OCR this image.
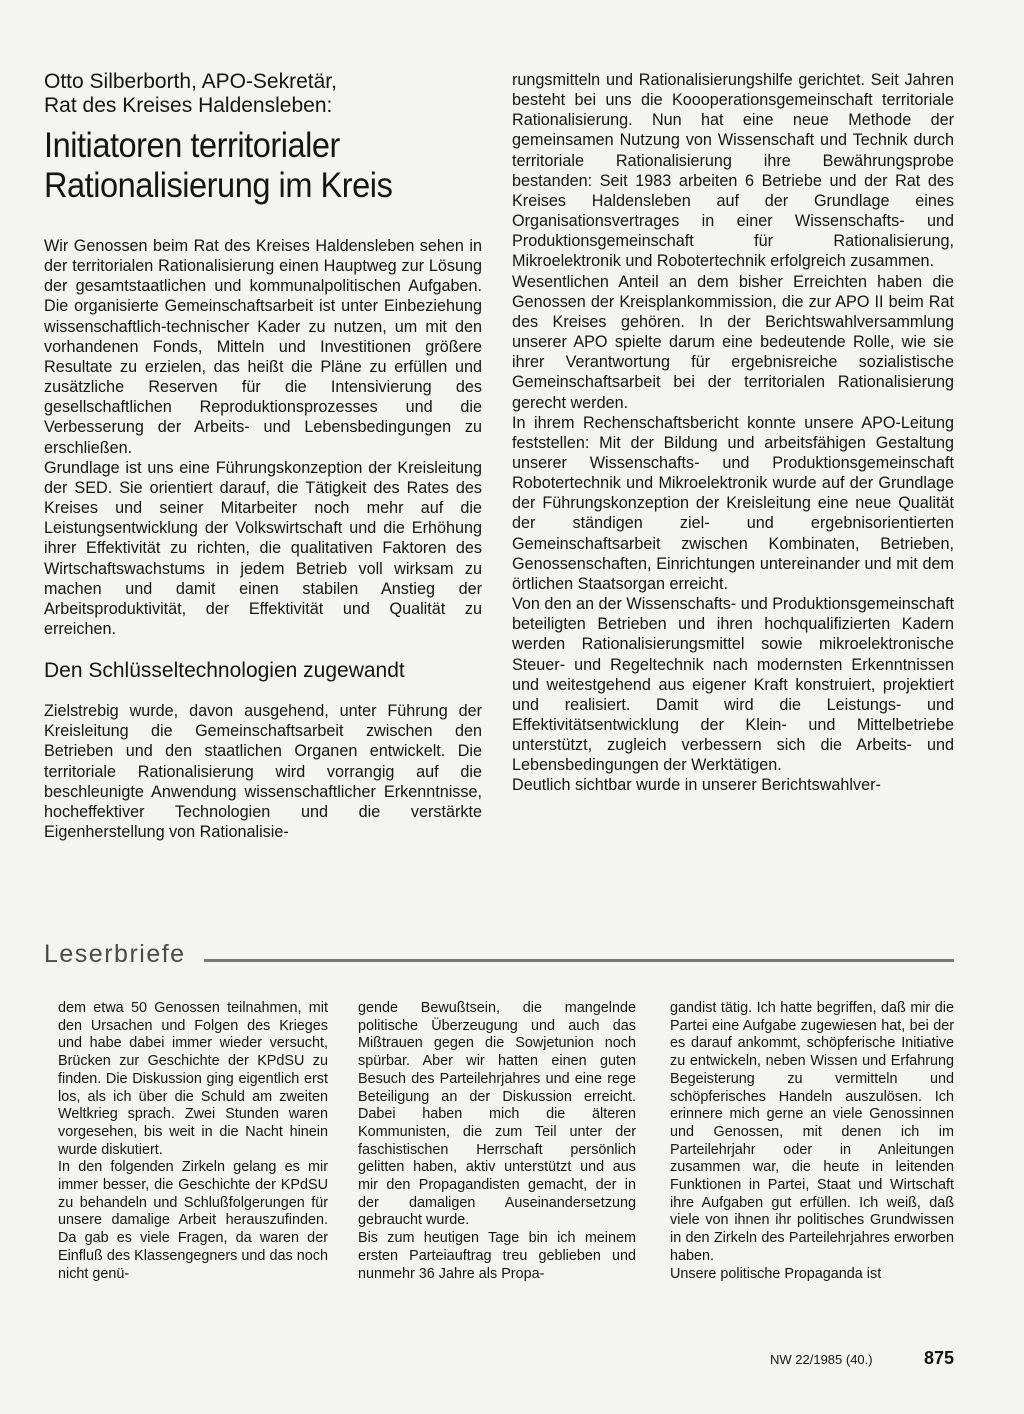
Otto Silberborth, APO-Sekretär,
Rat des Kreises Haldensleben:
Initiatoren territorialer
Rationalisierung im Kreis

Wir Genossen beim Rat des Kreises Haldensleben sehen in der territorialen Rationalisierung einen Hauptweg zur Lösung der gesamtstaatlichen und kommunalpolitischen Aufgaben. Die organisierte Gemeinschaftsarbeit ist unter Einbeziehung wissenschaftlich-technischer Kader zu nutzen, um mit den vorhandenen Fonds, Mitteln und Investitionen größere Resultate zu erzielen, das heißt die Pläne zu erfüllen und zusätzliche Reserven für die Intensivierung des gesellschaftlichen Reproduktionsprozesses und die Verbesserung der Arbeits- und Lebensbedingungen zu erschließen.

Grundlage ist uns eine Führungskonzeption der Kreisleitung der SED. Sie orientiert darauf, die Tätigkeit des Rates des Kreises und seiner Mitarbeiter noch mehr auf die Leistungsentwicklung der Volkswirtschaft und die Erhöhung ihrer Effektivität zu richten, die qualitativen Faktoren des Wirtschaftswachstums in jedem Betrieb voll wirksam zu machen und damit einen stabilen Anstieg der Arbeitsproduktivität, der Effektivität und Qualität zu erreichen.

Den Schlüsseltechnologien zugewandt

Zielstrebig wurde, davon ausgehend, unter Führung der Kreisleitung die Gemeinschaftsarbeit zwischen den Betrieben und den staatlichen Organen entwickelt. Die territoriale Rationalisierung wird vorrangig auf die beschleunigte Anwendung wissenschaftlicher Erkenntnisse, hocheffektiver Technologien und die verstärkte Eigenherstellung von Rationalisie-

rungsmitteln und Rationalisierungshilfe gerichtet. Seit Jahren besteht bei uns die Koooperationsgemeinschaft territoriale Rationalisierung. Nun hat eine neue Methode der gemeinsamen Nutzung von Wissenschaft und Technik durch territoriale Rationalisierung ihre Bewährungsprobe bestanden: Seit 1983 arbeiten 6 Betriebe und der Rat des Kreises Haldensleben auf der Grundlage eines Organisationsvertrages in einer Wissenschafts- und Produktionsgemeinschaft für Rationalisierung, Mikroelektronik und Robotertechnik erfolgreich zusammen.

Wesentlichen Anteil an dem bisher Erreichten haben die Genossen der Kreisplankommission, die zur APO II beim Rat des Kreises gehören. In der Berichtswahlversammlung unserer APO spielte darum eine bedeutende Rolle, wie sie ihrer Verantwortung für ergebnisreiche sozialistische Gemeinschaftsarbeit bei der territorialen Rationalisierung gerecht werden.

In ihrem Rechenschaftsbericht konnte unsere APO-Leitung feststellen: Mit der Bildung und arbeitsfähigen Gestaltung unserer Wissenschafts- und Produktionsgemeinschaft Robotertechnik und Mikroelektronik wurde auf der Grundlage der Führungskonzeption der Kreisleitung eine neue Qualität der ständigen ziel- und ergebnisorientierten Gemeinschaftsarbeit zwischen Kombinaten, Betrieben, Genossenschaften, Einrichtungen untereinander und mit dem örtlichen Staatsorgan erreicht.

Von den an der Wissenschafts- und Produktionsgemeinschaft beteiligten Betrieben und ihren hochqualifizierten Kadern werden Rationalisierungsmittel sowie mikroelektronische Steuer- und Regeltechnik nach modernsten Erkenntnissen und weitestgehend aus eigener Kraft konstruiert, projektiert und realisiert. Damit wird die Leistungs- und Effektivitätsentwicklung der Klein- und Mittelbetriebe unterstützt, zugleich verbessern sich die Arbeits- und Lebensbedingungen der Werktätigen.

Deutlich sichtbar wurde in unserer Berichtswahlver-

Leserbriefe

dem etwa 50 Genossen teilnahmen, mit den Ursachen und Folgen des Krieges und habe dabei immer wieder versucht, Brücken zur Geschichte der KPdSU zu finden. Die Diskussion ging eigentlich erst los, als ich über die Schuld am zweiten Weltkrieg sprach. Zwei Stunden waren vorgesehen, bis weit in die Nacht hinein wurde diskutiert.

In den folgenden Zirkeln gelang es mir immer besser, die Geschichte der KPdSU zu behandeln und Schlußfolgerungen für unsere damalige Arbeit herauszufinden. Da gab es viele Fragen, da waren der Einfluß des Klassengegners und das noch nicht genü-

gende Bewußtsein, die mangelnde politische Überzeugung und auch das Mißtrauen gegen die Sowjetunion noch spürbar. Aber wir hatten einen guten Besuch des Parteilehrjahres und eine rege Beteiligung an der Diskussion erreicht. Dabei haben mich die älteren Kommunisten, die zum Teil unter der faschistischen Herrschaft persönlich gelitten haben, aktiv unterstützt und aus mir den Propagandisten gemacht, der in der damaligen Auseinandersetzung gebraucht wurde.

Bis zum heutigen Tage bin ich meinem ersten Parteiauftrag treu geblieben und nunmehr 36 Jahre als Propa-

gandist tätig. Ich hatte begriffen, daß mir die Partei eine Aufgabe zugewiesen hat, bei der es darauf ankommt, schöpferische Initiative zu entwickeln, neben Wissen und Erfahrung Begeisterung zu vermitteln und schöpferisches Handeln auszulösen. Ich erinnere mich gerne an viele Genossinnen und Genossen, mit denen ich im Parteilehrjahr oder in Anleitungen zusammen war, die heute in leitenden Funktionen in Partei, Staat und Wirtschaft ihre Aufgaben gut erfüllen. Ich weiß, daß viele von ihnen ihr politisches Grundwissen in den Zirkeln des Parteilehrjahres erworben haben.

Unsere politische Propaganda ist

NW 22/1985 (40.)	875
